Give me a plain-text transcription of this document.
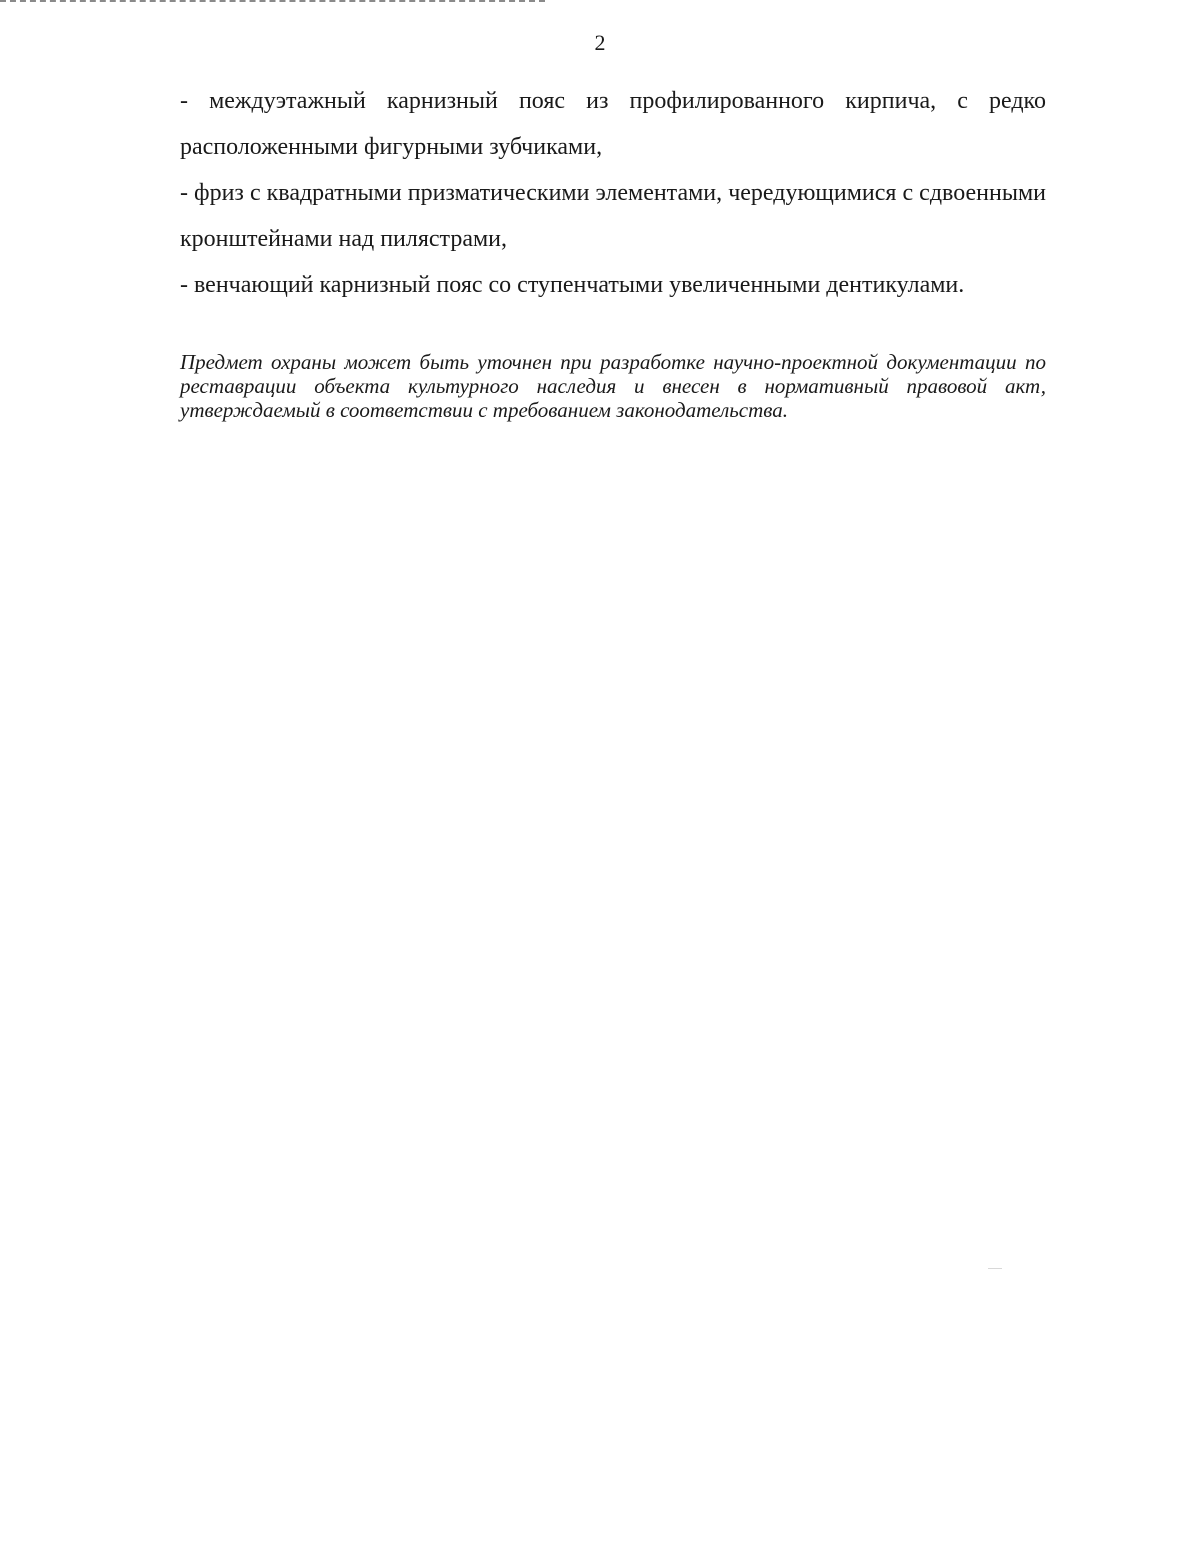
2

- междуэтажный карнизный пояс из профилированного кирпича, с редко расположенными фигурными зубчиками,

- фриз с квадратными призматическими элементами, чередующимися с сдвоенными кронштейнами над пилястрами,

- венчающий карнизный пояс со ступенчатыми увеличенными дентикулами.

Предмет охраны может быть уточнен при разработке научно-проектной документации по реставрации объекта культурного наследия и внесен в нормативный правовой акт, утверждаемый в соответствии с требованием законодательства.
